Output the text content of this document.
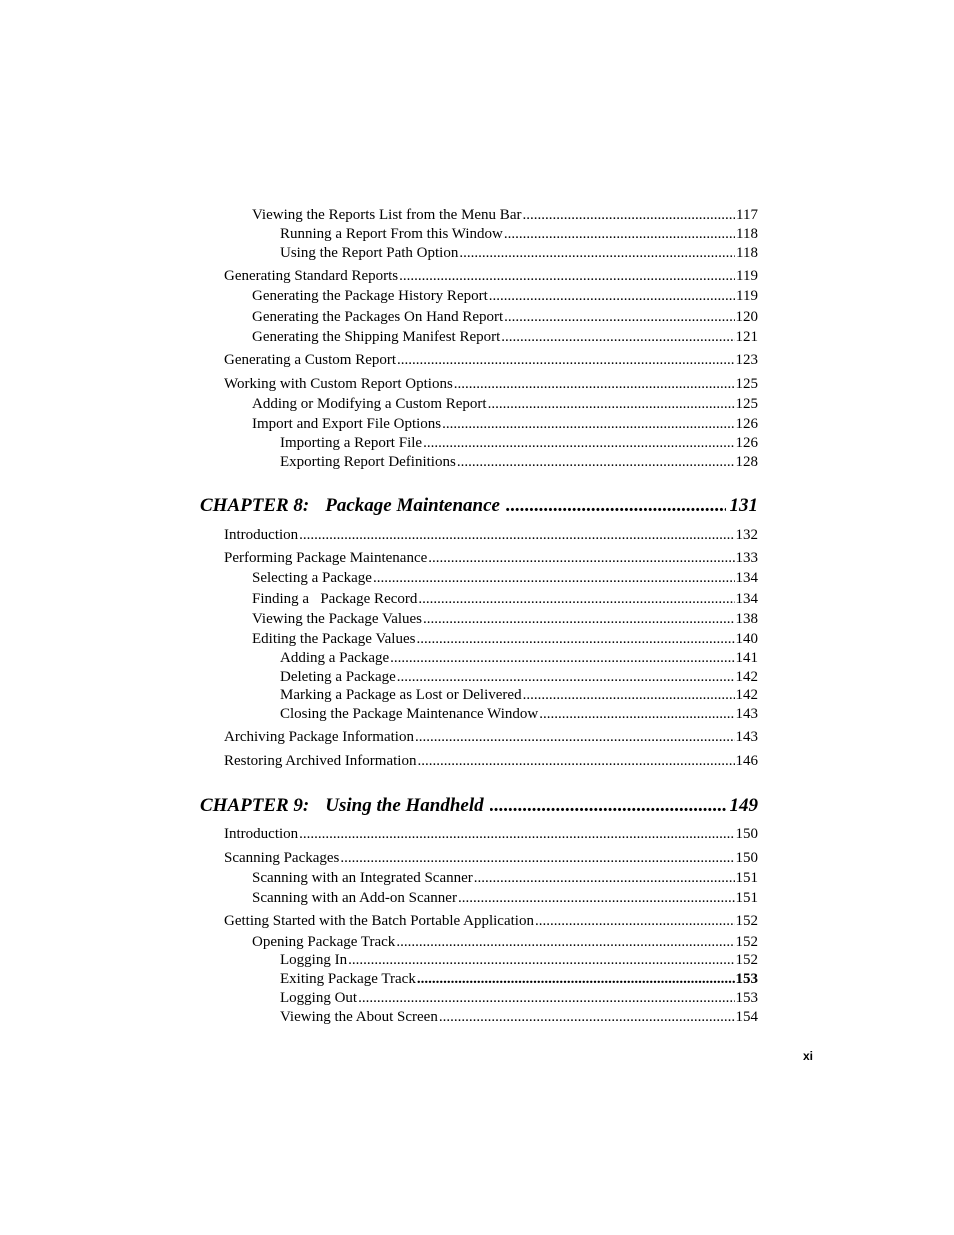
Viewing the Reports List from the Menu Bar .....	117
Running a Report From this Window .....	118
Using the Report Path Option .....	118
Generating Standard Reports .....	119
Generating the Package History Report .....	119
Generating the Packages On Hand Report .....	120
Generating the Shipping Manifest Report .....	121
Generating a Custom Report .....	123
Working with Custom Report Options .....	125
Adding or Modifying a Custom Report .....	125
Import and Export File Options .....	126
Importing a Report File .....	126
Exporting Report Definitions .....	128
CHAPTER 8: Package Maintenance .....	131
Introduction .....	132
Performing Package Maintenance .....	133
Selecting a Package .....	134
Finding a   Package Record .....	134
Viewing the Package Values .....	138
Editing the Package Values .....	140
Adding a Package .....	141
Deleting a Package .....	142
Marking a Package as Lost or Delivered .....	142
Closing the Package Maintenance Window .....	143
Archiving Package Information .....	143
Restoring Archived Information .....	146
CHAPTER 9: Using the Handheld .....	149
Introduction .....	150
Scanning Packages .....	150
Scanning with an Integrated Scanner .....	151
Scanning with an Add-on Scanner .....	151
Getting Started with the Batch Portable Application .....	152
Opening Package Track .....	152
Logging In .....	152
Exiting Package Track .....	153
Logging Out .....	153
Viewing the About Screen .....	154
xi
